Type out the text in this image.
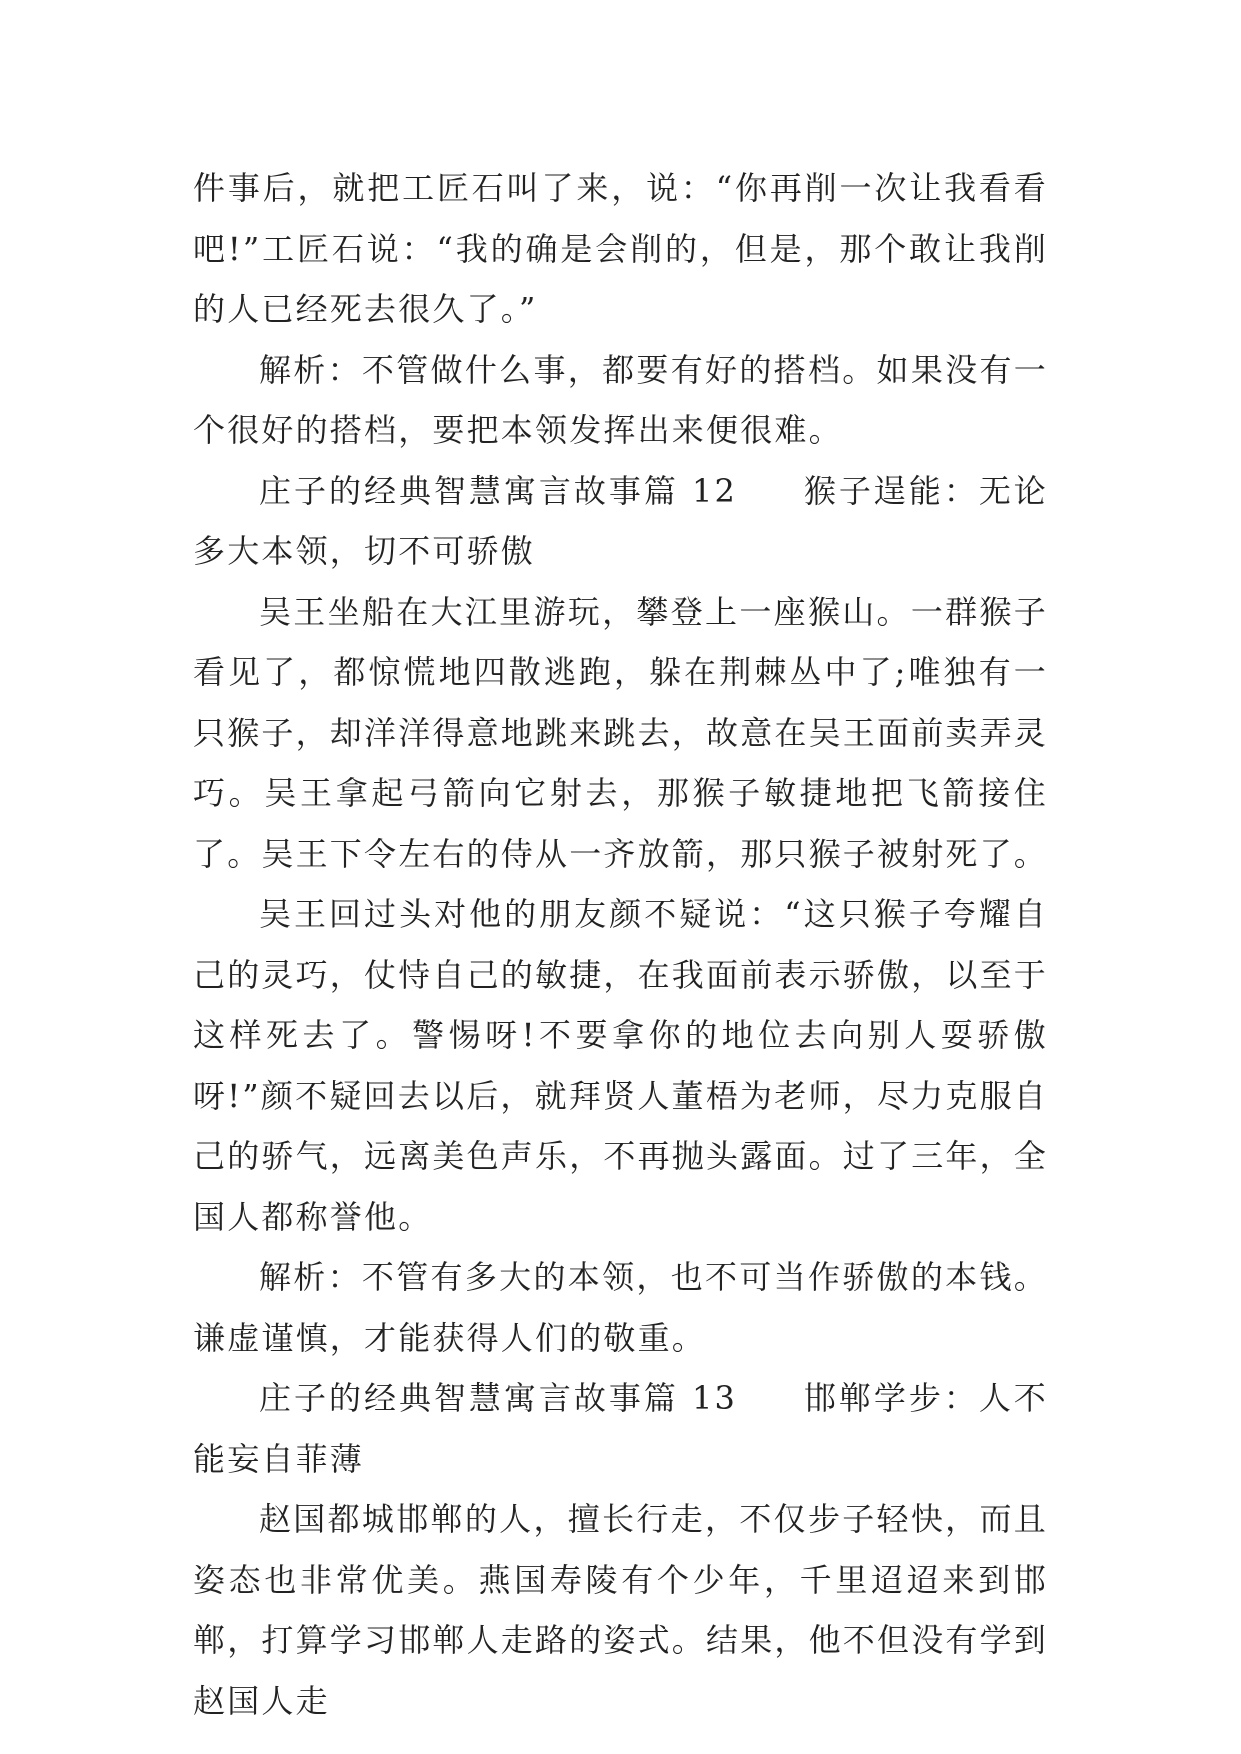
件事后，就把工匠石叫了来，说：“你再削一次让我看看吧!”工匠石说：“我的确是会削的，但是，那个敢让我削的人已经死去很久了。”

解析：不管做什么事，都要有好的搭档。如果没有一个很好的搭档，要把本领发挥出来便很难。

庄子的经典智慧寓言故事篇 12 猴子逞能：无论多大本领，切不可骄傲

吴王坐船在大江里游玩，攀登上一座猴山。一群猴子看见了，都惊慌地四散逃跑，躲在荆棘丛中了;唯独有一只猴子，却洋洋得意地跳来跳去，故意在吴王面前卖弄灵巧。吴王拿起弓箭向它射去，那猴子敏捷地把飞箭接住了。吴王下令左右的侍从一齐放箭，那只猴子被射死了。

吴王回过头对他的朋友颜不疑说：“这只猴子夸耀自己的灵巧，仗恃自己的敏捷，在我面前表示骄傲，以至于这样死去了。警惕呀!不要拿你的地位去向别人耍骄傲呀!”颜不疑回去以后，就拜贤人董梧为老师，尽力克服自己的骄气，远离美色声乐，不再抛头露面。过了三年，全国人都称誉他。

解析：不管有多大的本领，也不可当作骄傲的本钱。谦虚谨慎，才能获得人们的敬重。

庄子的经典智慧寓言故事篇 13 邯郸学步：人不能妄自菲薄

赵国都城邯郸的人，擅长行走，不仅步子轻快，而且姿态也非常优美。燕国寿陵有个少年，千里迢迢来到邯郸，打算学习邯郸人走路的姿式。结果，他不但没有学到赵国人走
